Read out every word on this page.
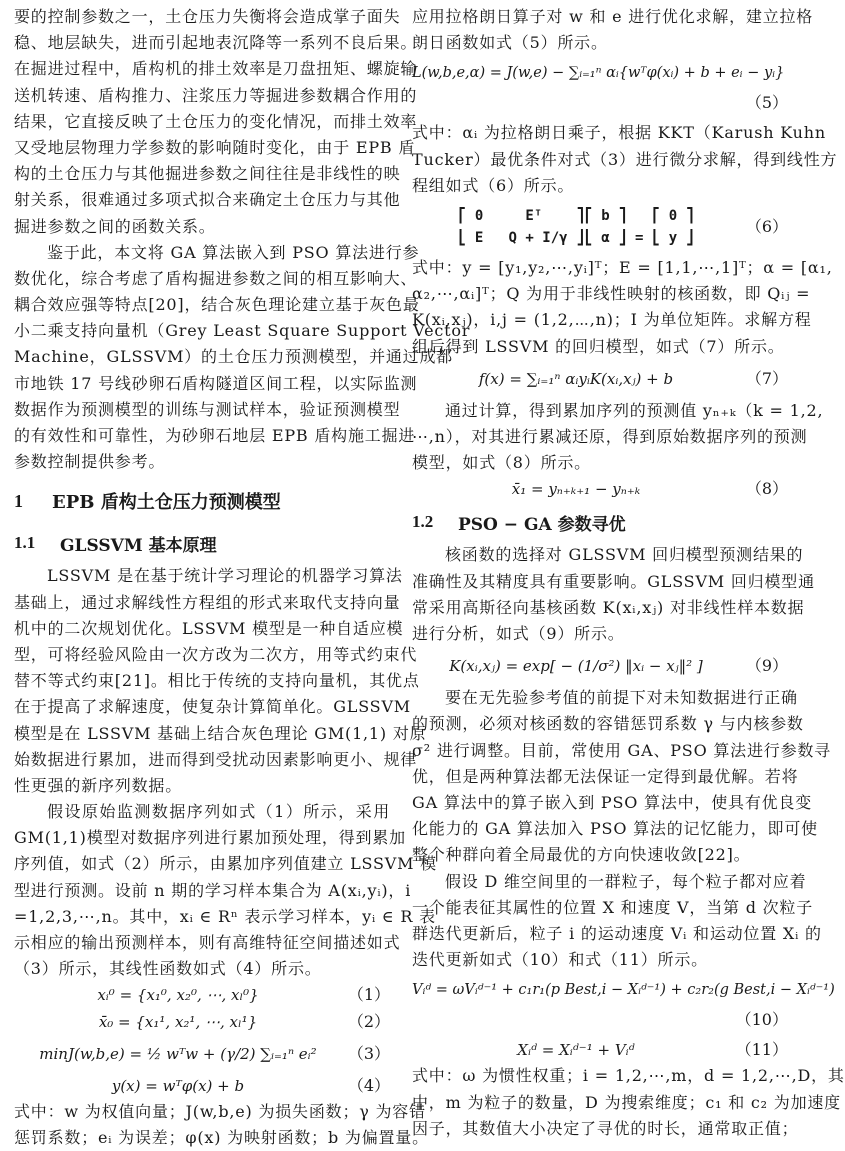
要的控制参数之一，土仓压力失衡将会造成掌子面失
稳、地层缺失，进而引起地表沉降等一系列不良后果。
在掘进过程中，盾构机的排土效率是刀盘扭矩、螺旋输
送机转速、盾构推力、注浆压力等掘进参数耦合作用的
结果，它直接反映了土仓压力的变化情况，而排土效率
又受地层物理力学参数的影响随时变化，由于 EPB 盾
构的土仓压力与其他掘进参数之间往往是非线性的映
射关系，很难通过多项式拟合来确定土仓压力与其他
掘进参数之间的函数关系。
鉴于此，本文将 GA 算法嵌入到 PSO 算法进行参
数优化，综合考虑了盾构掘进参数之间的相互影响大、
耦合效应强等特点[20]，结合灰色理论建立基于灰色最
小二乘支持向量机（Grey Least Square Support Vector
Machine，GLSSVM）的土仓压力预测模型，并通过成都
市地铁 17 号线砂卵石盾构隧道区间工程，以实际监测
数据作为预测模型的训练与测试样本，验证预测模型
的有效性和可靠性，为砂卵石地层 EPB 盾构施工掘进
参数控制提供参考。
1	EPB 盾构土仓压力预测模型
1.1	GLSSVM 基本原理
LSSVM 是在基于统计学习理论的机器学习算法
基础上，通过求解线性方程组的形式来取代支持向量
机中的二次规划优化。LSSVM 模型是一种自适应模
型，可将经验风险由一次方改为二次方，用等式约束代
替不等式约束[21]。相比于传统的支持向量机，其优点
在于提高了求解速度，使复杂计算简单化。GLSSVM
模型是在 LSSVM 基础上结合灰色理论 GM(1,1) 对原
始数据进行累加，进而得到受扰动因素影响更小、规律
性更强的新序列数据。
假设原始监测数据序列如式（1）所示，采用
GM(1,1)模型对数据序列进行累加预处理，得到累加
序列值，如式（2）所示，由累加序列值建立 LSSVM 模
型进行预测。设前 n 期的学习样本集合为 A(xᵢ,yᵢ)，i
=1,2,3,⋯,n。其中，xᵢ ∈ Rⁿ 表示学习样本，yᵢ ∈ R 表
示相应的输出预测样本，则有高维特征空间描述如式
（3）所示，其线性函数如式（4）所示。
xᵢ⁰ = {x₁⁰, x₂⁰, ⋯, xₗ⁰}	（1）
x̄₀ = {x₁¹, x₂¹, ⋯, xₗ¹}	（2）
minJ(w,b,e) = ½ wᵀw + (γ/2) ∑ᵢ₌₁ⁿ eᵢ²	（3）
y(x) = wᵀφ(x) + b	（4）
式中：w 为权值向量；J(w,b,e) 为损失函数；γ 为容错
惩罚系数；eᵢ 为误差；φ(x) 为映射函数；b 为偏置量。
应用拉格朗日算子对 w 和 e 进行优化求解，建立拉格
朗日函数如式（5）所示。
L(w,b,e,α) = J(w,e) − ∑ᵢ₌₁ⁿ αᵢ{wᵀφ(xᵢ) + b + eᵢ − yᵢ}
（5）
式中：αᵢ 为拉格朗日乘子，根据 KKT（Karush Kuhn
Tucker）最优条件对式（3）进行微分求解，得到线性方
程组如式（6）所示。
⎡ 0     Eᵀ    ⎤⎡ b ⎤   ⎡ 0 ⎤
⎣ E   Q + I/γ ⎦⎣ α ⎦ = ⎣ y ⎦
（6）
式中：y = [y₁,y₂,⋯,yᵢ]ᵀ；E = [1,1,⋯,1]ᵀ；α = [α₁,
α₂,⋯,αᵢ]ᵀ；Q 为用于非线性映射的核函数，即 Qᵢⱼ =
K(xᵢ,xⱼ)，i,j = (1,2,⋯,n)；I 为单位矩阵。求解方程
组后得到 LSSVM 的回归模型，如式（7）所示。
f(x) = ∑ᵢ₌₁ⁿ αᵢyᵢK(xᵢ,xⱼ) + b	（7）
通过计算，得到累加序列的预测值 yₙ₊ₖ（k = 1,2,
⋯,n），对其进行累减还原，得到原始数据序列的预测
模型，如式（8）所示。
x̄₁ = yₙ₊ₖ₊₁ − yₙ₊ₖ	（8）
1.2	PSO − GA 参数寻优
核函数的选择对 GLSSVM 回归模型预测结果的
准确性及其精度具有重要影响。GLSSVM 回归模型通
常采用高斯径向基核函数 K(xᵢ,xⱼ) 对非线性样本数据
进行分析，如式（9）所示。
K(xᵢ,xⱼ) = exp[ − (1/σ²) ‖xᵢ − xⱼ‖² ]	（9）
要在无先验参考值的前提下对未知数据进行正确
的预测，必须对核函数的容错惩罚系数 γ 与内核参数
σ² 进行调整。目前，常使用 GA、PSO 算法进行参数寻
优，但是两种算法都无法保证一定得到最优解。若将
GA 算法中的算子嵌入到 PSO 算法中，使具有优良变
化能力的 GA 算法加入 PSO 算法的记忆能力，即可使
整个种群向着全局最优的方向快速收敛[22]。
假设 D 维空间里的一群粒子，每个粒子都对应着
一个能表征其属性的位置 X 和速度 V，当第 d 次粒子
群迭代更新后，粒子 i 的运动速度 Vᵢ 和运动位置 Xᵢ 的
迭代更新如式（10）和式（11）所示。
Vᵢᵈ = ωVᵢᵈ⁻¹ + c₁r₁(p Best,i − Xᵢᵈ⁻¹) + c₂r₂(g Best,i − Xᵢᵈ⁻¹)
（10）
Xᵢᵈ = Xᵢᵈ⁻¹ + Vᵢᵈ	（11）
式中：ω 为惯性权重；i = 1,2,⋯,m，d = 1,2,⋯,D，其
中，m 为粒子的数量，D 为搜索维度；c₁ 和 c₂ 为加速度
因子，其数值大小决定了寻优的时长，通常取正值；
